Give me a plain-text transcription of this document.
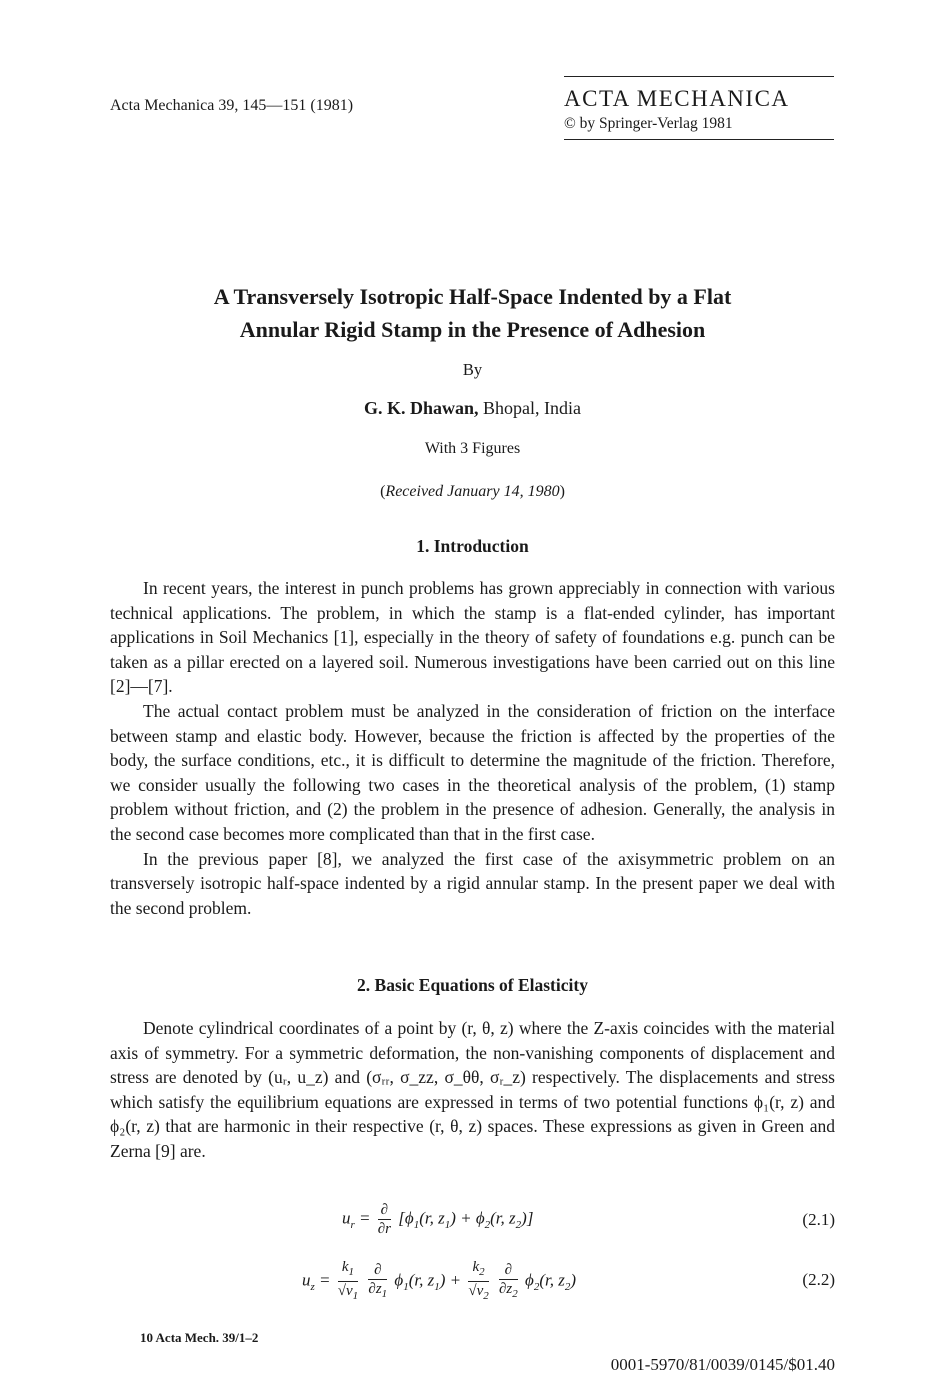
Acta Mechanica 39, 145—151 (1981)	ACTA MECHANICA
© by Springer-Verlag 1981
A Transversely Isotropic Half-Space Indented by a Flat
Annular Rigid Stamp in the Presence of Adhesion
By
G. K. Dhawan, Bhopal, India
With 3 Figures
(Received January 14, 1980)
1. Introduction

In recent years, the interest in punch problems has grown appreciably in connection with various technical applications. The problem, in which the stamp is a flat-ended cylinder, has important applications in Soil Mechanics [1], especially in the theory of safety of foundations e.g. punch can be taken as a pillar erected on a layered soil. Numerous investigations have been carried out on this line [2]—[7].

The actual contact problem must be analyzed in the consideration of friction on the interface between stamp and elastic body. However, because the friction is affected by the properties of the body, the surface conditions, etc., it is difficult to determine the magnitude of the friction. Therefore, we consider usually the following two cases in the theoretical analysis of the problem, (1) stamp problem without friction, and (2) the problem in the presence of adhesion. Generally, the analysis in the second case becomes more complicated than that in the first case.

In the previous paper [8], we analyzed the first case of the axisymmetric problem on an transversely isotropic half-space indented by a rigid annular stamp. In the present paper we deal with the second problem.

2. Basic Equations of Elasticity

Denote cylindrical coordinates of a point by (r, θ, z) where the Z-axis coincides with the material axis of symmetry. For a symmetric deformation, the non-vanishing components of displacement and stress are denoted by (uᵣ, u_z) and (σᵣᵣ, σ_zz, σ_θθ, σᵣ_z) respectively. The displacements and stress which satisfy the equilibrium equations are expressed in terms of two potential functions ϕ₁(r, z) and ϕ₂(r, z) that are harmonic in their respective (r, θ, z) spaces. These expressions as given in Green and Zerna [9] are.

$u_r = \frac{\partial}{\partial r} [\phi_1(r$, $z_1) + \phi_2(r$, $z_2$)]	(2.1)
$u_z = \frac{k_1}{√v_1}$
$\frac{\partial}{\partial z_1} \phi_1(r$, $z_1) + \frac{k_2}{√v_2}$
$\frac{\partial}{\partial z_2} \phi_2(r$, $z_2$)	(2.2)
10 Acta Mech. 39/1–2
0001-5970/81/0039/0145/$01.40
